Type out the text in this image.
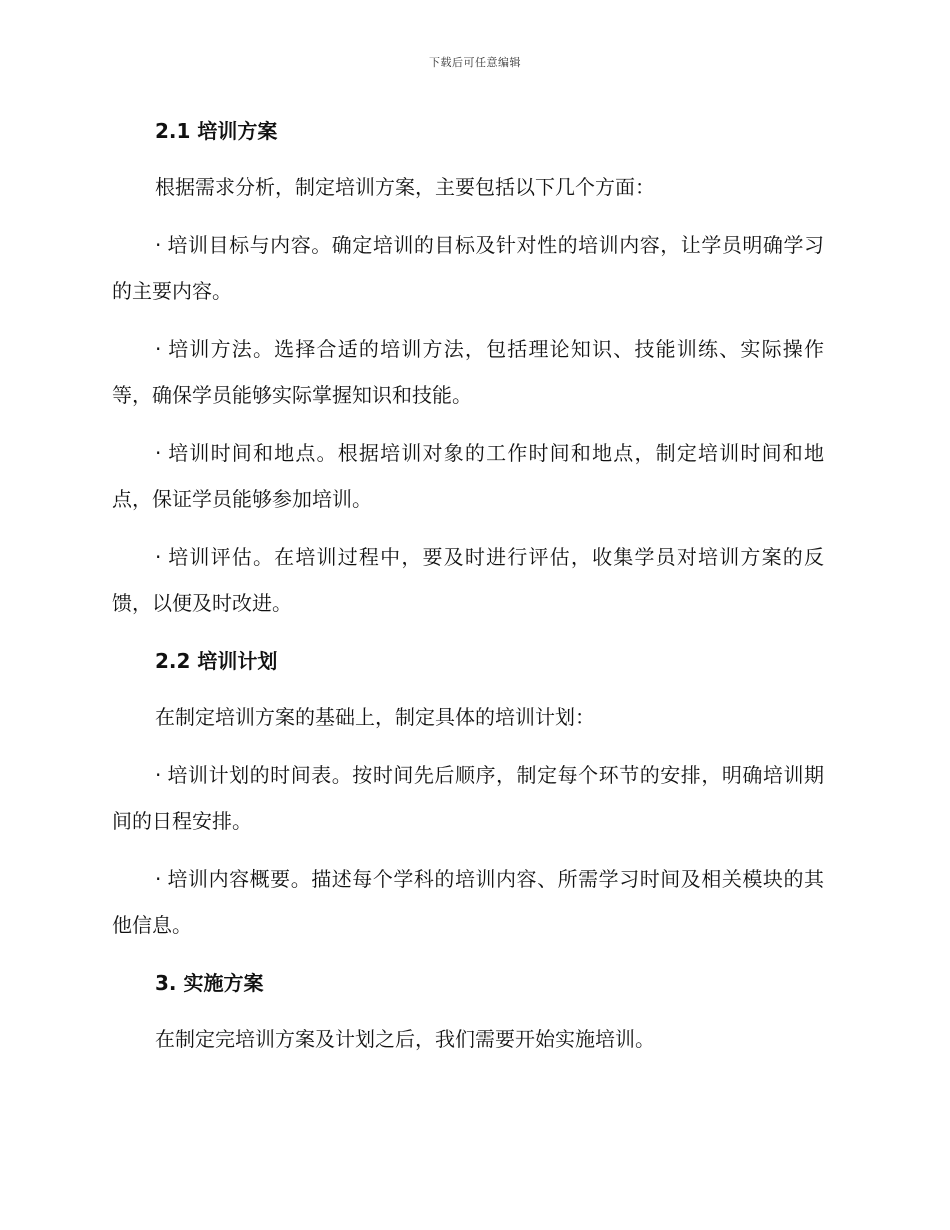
下载后可任意编辑
2.1 培训方案
根据需求分析，制定培训方案，主要包括以下几个方面：
· 培训目标与内容。确定培训的目标及针对性的培训内容，让学员明确学习的主要内容。
· 培训方法。选择合适的培训方法，包括理论知识、技能训练、实际操作等，确保学员能够实际掌握知识和技能。
· 培训时间和地点。根据培训对象的工作时间和地点，制定培训时间和地点，保证学员能够参加培训。
· 培训评估。在培训过程中，要及时进行评估，收集学员对培训方案的反馈，以便及时改进。
2.2 培训计划
在制定培训方案的基础上，制定具体的培训计划：
· 培训计划的时间表。按时间先后顺序，制定每个环节的安排，明确培训期间的日程安排。
· 培训内容概要。描述每个学科的培训内容、所需学习时间及相关模块的其他信息。
3. 实施方案
在制定完培训方案及计划之后，我们需要开始实施培训。
